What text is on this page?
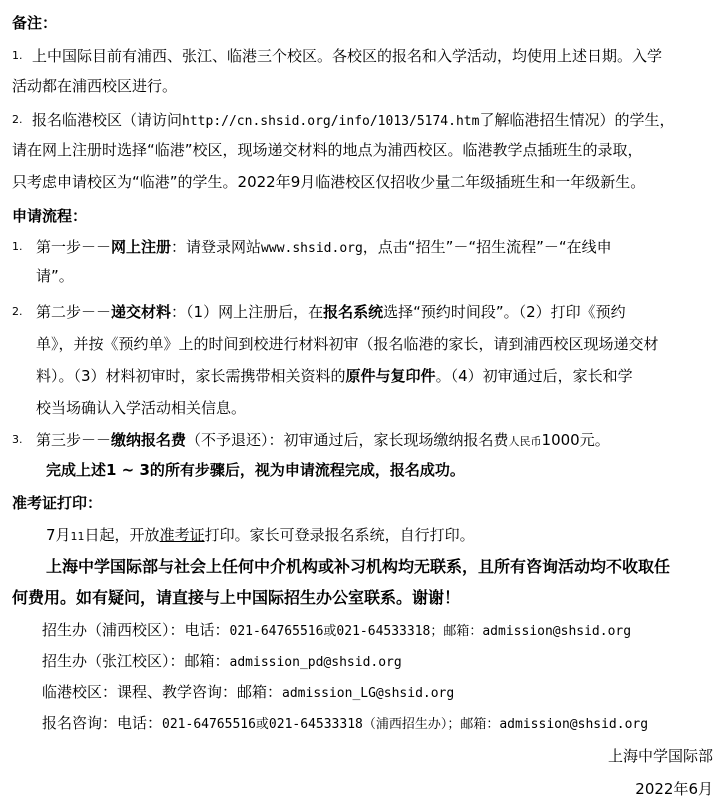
备注：
1. 上中国际目前有浦西、张江、临港三个校区。各校区的报名和入学活动，均使用上述日期。入学
活动都在浦西校区进行。
2. 报名临港校区（请访问http://cn.shsid.org/info/1013/5174.htm了解临港招生情况）的学生，
请在网上注册时选择“临港”校区，现场递交材料的地点为浦西校区。临港教学点插班生的录取，
只考虑申请校区为“临港”的学生。2022年9月临港校区仅招收少量二年级插班生和一年级新生。
申请流程：
1. 第一步－－网上注册：请登录网站www.shsid.org，点击“招生”－“招生流程”－“在线申
请”。
2. 第二步－－递交材料：（1）网上注册后，在报名系统选择“预约时间段”。（2）打印《预约
单》，并按《预约单》上的时间到校进行材料初审（报名临港的家长，请到浦西校区现场递交材
料）。（3）材料初审时，家长需携带相关资料的原件与复印件。（4）初审通过后，家长和学
校当场确认入学活动相关信息。
3. 第三步－－缴纳报名费（不予退还）：初审通过后，家长现场缴纳报名费人民币1000元。
完成上述1 ~ 3的所有步骤后，视为申请流程完成，报名成功。
准考证打印：
7月11日起，开放准考证打印。家长可登录报名系统，自行打印。
上海中学国际部与社会上任何中介机构或补习机构均无联系，且所有咨询活动均不收取任
何费用。如有疑问，请直接与上中国际招生办公室联系。谢谢！
招生办（浦西校区）：电话：021-64765516或021-64533318；邮箱：admission@shsid.org
招生办（张江校区）：邮箱：admission_pd@shsid.org
临港校区：课程、教学咨询：邮箱：admission_LG@shsid.org
报名咨询：电话：021-64765516或021-64533318（浦西招生办）；邮箱：admission@shsid.org
上海中学国际部
2022年6月
